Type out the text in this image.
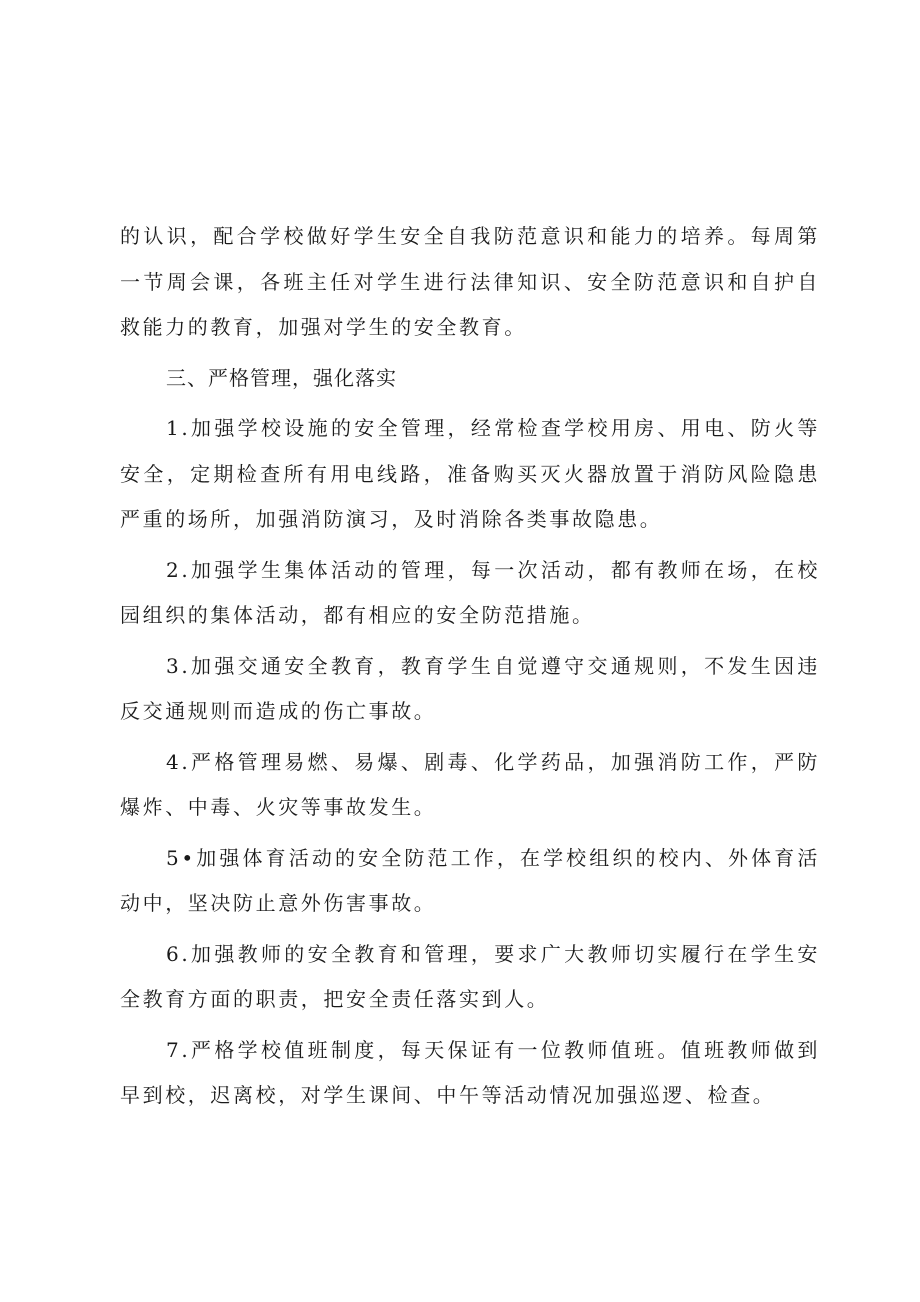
的认识，配合学校做好学生安全自我防范意识和能力的培养。每周第一节周会课，各班主任对学生进行法律知识、安全防范意识和自护自救能力的教育，加强对学生的安全教育。

三、严格管理，强化落实

1.加强学校设施的安全管理，经常检查学校用房、用电、防火等安全，定期检查所有用电线路，准备购买灭火器放置于消防风险隐患严重的场所，加强消防演习，及时消除各类事故隐患。

2.加强学生集体活动的管理，每一次活动，都有教师在场，在校园组织的集体活动，都有相应的安全防范措施。

3.加强交通安全教育，教育学生自觉遵守交通规则，不发生因违反交通规则而造成的伤亡事故。

4.严格管理易燃、易爆、剧毒、化学药品，加强消防工作，严防爆炸、中毒、火灾等事故发生。

5•加强体育活动的安全防范工作，在学校组织的校内、外体育活动中，坚决防止意外伤害事故。

6.加强教师的安全教育和管理，要求广大教师切实履行在学生安全教育方面的职责，把安全责任落实到人。

7.严格学校值班制度，每天保证有一位教师值班。值班教师做到早到校，迟离校，对学生课间、中午等活动情况加强巡逻、检查。
